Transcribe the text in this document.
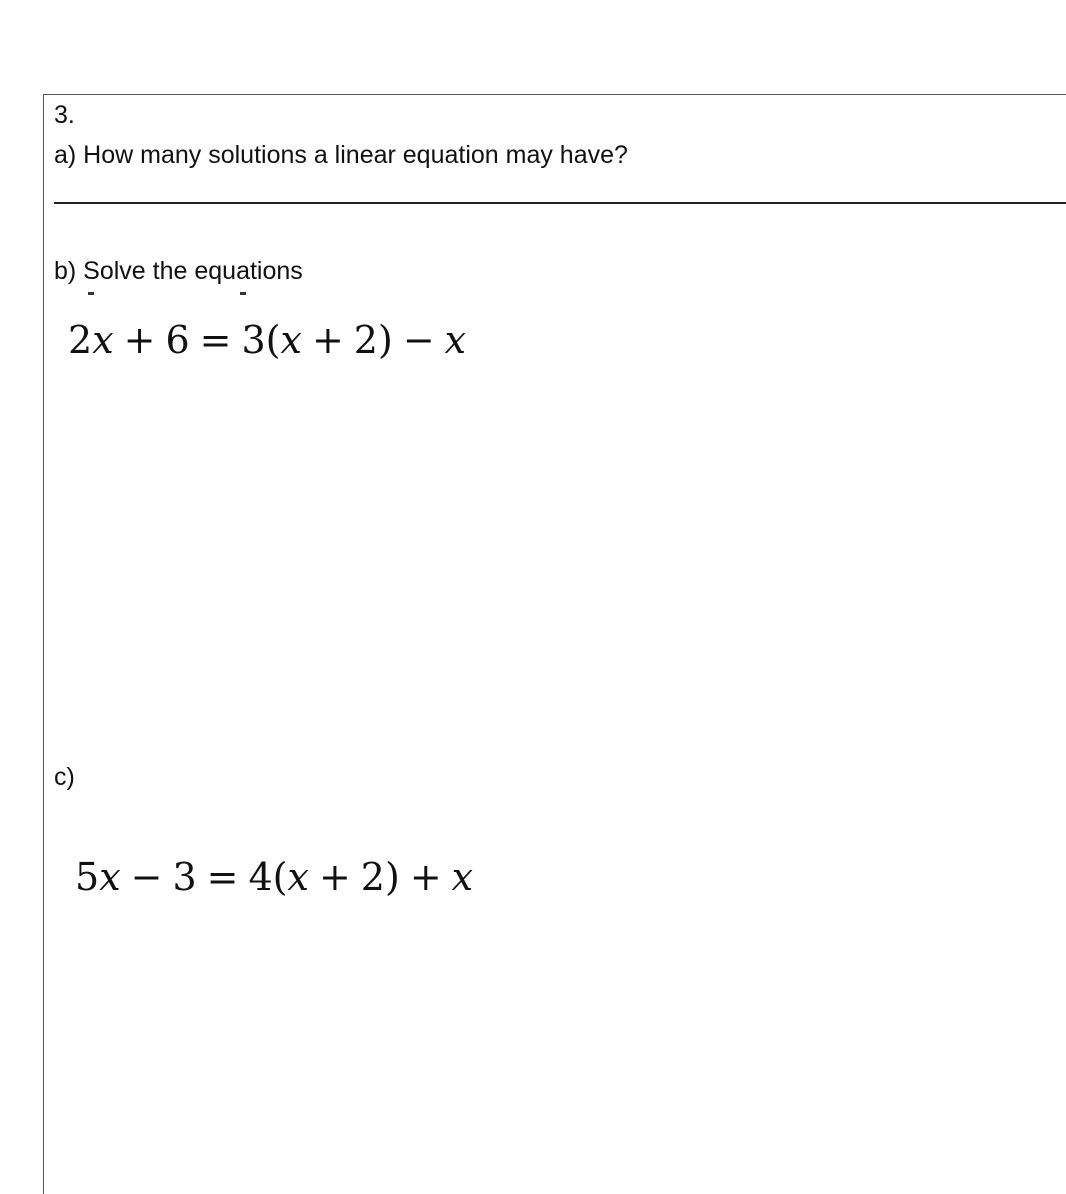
3.
a) How many solutions a linear equation may have?
b) Solve the equations
2x + 6 = 3(x + 2) − x
c)
5x − 3 = 4(x + 2) + x
